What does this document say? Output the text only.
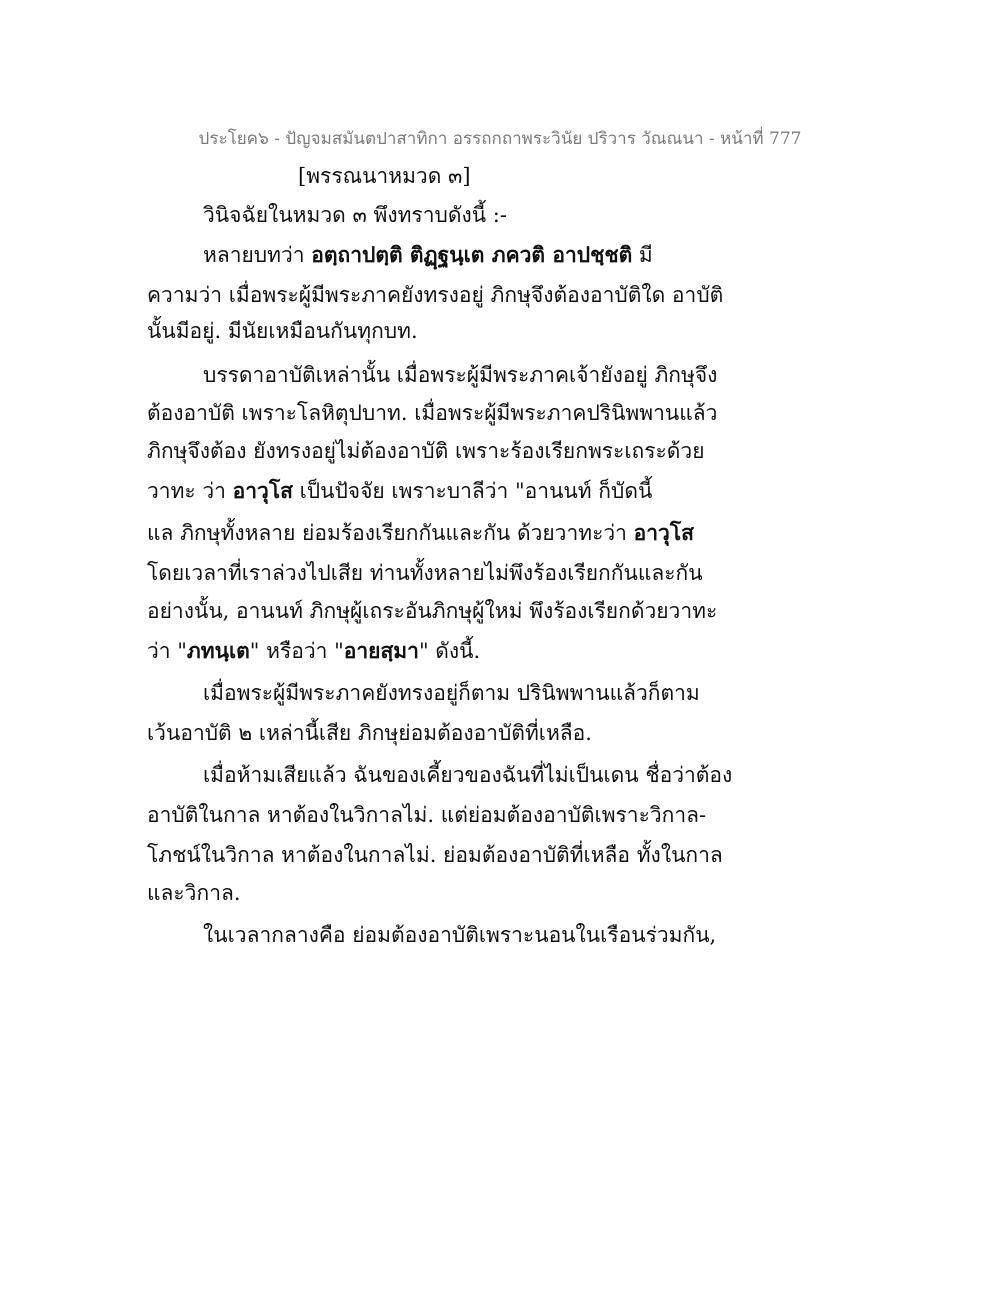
ประโยค๖ - ปัญจมสมันตปาสาทิกา อรรถกถาพระวินัย ปริวาร วัณณนา - หน้าที่ 777
[พรรณนาหมวด ๓]
วินิจฉัยในหมวด ๓ พึงทราบดังนี้ :-
หลายบทว่า อตฺถาปตฺติ ติฏฺฐนฺเต ภควติ อาปชฺชติ มี
ความว่า เมื่อพระผู้มีพระภาคยังทรงอยู่ ภิกษุจึงต้องอาบัติใด อาบัติ
นั้นมีอยู่. มีนัยเหมือนกันทุกบท.
บรรดาอาบัติเหล่านั้น เมื่อพระผู้มีพระภาคเจ้ายังอยู่ ภิกษุจึง
ต้องอาบัติ เพราะโลหิตุปบาท. เมื่อพระผู้มีพระภาคปรินิพพานแล้ว
ภิกษุจึงต้อง ยังทรงอยู่ไม่ต้องอาบัติ เพราะร้องเรียกพระเถระด้วย
วาทะ ว่า อาวุโส เป็นปัจจัย เพราะบาลีว่า "อานนท์ ก็บัดนี้
แล ภิกษุทั้งหลาย ย่อมร้องเรียกกันและกัน ด้วยวาทะว่า อาวุโส
โดยเวลาที่เราล่วงไปเสีย ท่านทั้งหลายไม่พึงร้องเรียกกันและกัน
อย่างนั้น, อานนท์ ภิกษุผู้เถระอันภิกษุผู้ใหม่ พึงร้องเรียกด้วยวาทะ
ว่า "ภทนฺเต" หรือว่า "อายสฺมา" ดังนี้.
เมื่อพระผู้มีพระภาคยังทรงอยู่ก็ตาม ปรินิพพานแล้วก็ตาม
เว้นอาบัติ ๒ เหล่านี้เสีย ภิกษุย่อมต้องอาบัติที่เหลือ.
เมื่อห้ามเสียแล้ว ฉันของเคี้ยวของฉันที่ไม่เป็นเดน ชื่อว่าต้อง
อาบัติในกาล หาต้องในวิกาลไม่. แต่ย่อมต้องอาบัติเพราะวิกาล-
โภชน์ในวิกาล หาต้องในกาลไม่. ย่อมต้องอาบัติที่เหลือ ทั้งในกาล
และวิกาล.
ในเวลากลางคือ ย่อมต้องอาบัติเพราะนอนในเรือนร่วมกัน,
